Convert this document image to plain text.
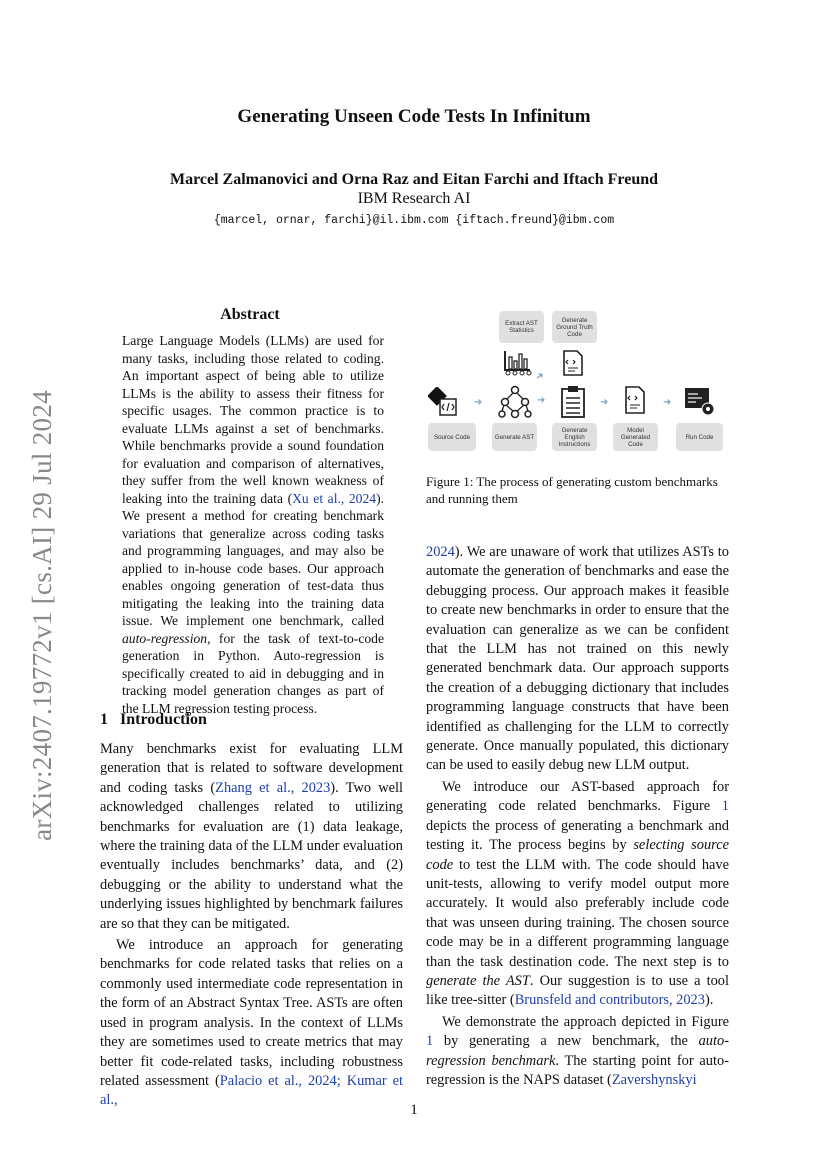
arXiv:2407.19772v1 [cs.AI] 29 Jul 2024
Generating Unseen Code Tests In Infinitum
Marcel Zalmanovici and Orna Raz and Eitan Farchi and Iftach Freund
IBM Research AI
{marcel, ornar, farchi}@il.ibm.com {iftach.freund}@ibm.com
Abstract
Large Language Models (LLMs) are used for many tasks, including those related to coding. An important aspect of being able to utilize LLMs is the ability to assess their fitness for specific usages. The common practice is to evaluate LLMs against a set of benchmarks. While benchmarks provide a sound foundation for evaluation and comparison of alternatives, they suffer from the well known weakness of leaking into the training data (Xu et al., 2024). We present a method for creating benchmark variations that generalize across coding tasks and programming languages, and may also be applied to in-house code bases. Our approach enables ongoing generation of test-data thus mitigating the leaking into the training data issue. We implement one benchmark, called auto-regression, for the task of text-to-code generation in Python. Auto-regression is specifically created to aid in debugging and in tracking model generation changes as part of the LLM regression testing process.
1 Introduction

Many benchmarks exist for evaluating LLM generation that is related to software development and coding tasks (Zhang et al., 2023). Two well acknowledged challenges related to utilizing benchmarks for evaluation are (1) data leakage, where the training data of the LLM under evaluation eventually includes benchmarks’ data, and (2) debugging or the ability to understand what the underlying issues highlighted by benchmark failures are so that they can be mitigated.

We introduce an approach for generating benchmarks for code related tasks that relies on a commonly used intermediate code representation in the form of an Abstract Syntax Tree. ASTs are often used in program analysis. In the context of LLMs they are sometimes used to create metrics that may better fit code-related tasks, including robustness related assessment (Palacio et al., 2024; Kumar et al.,

Extract AST Statistics
Generate Ground Truth Code
➜	➜
➜
➜	➜
Source Code	Generate AST
Generate English Instructions
Model Generated Code
Run Code
Figure 1: The process of generating custom benchmarks and running them

2024). We are unaware of work that utilizes ASTs to automate the generation of benchmarks and ease the debugging process. Our approach makes it feasible to create new benchmarks in order to ensure that the evaluation can generalize as we can be confident that the LLM has not trained on this newly generated benchmark data. Our approach supports the creation of a debugging dictionary that includes programming language constructs that have been identified as challenging for the LLM to correctly generate. Once manually populated, this dictionary can be used to easily debug new LLM output.

We introduce our AST-based approach for generating code related benchmarks. Figure 1 depicts the process of generating a benchmark and testing it. The process begins by selecting source code to test the LLM with. The code should have unit-tests, allowing to verify model output more accurately. It would also preferably include code that was unseen during training. The chosen source code may be in a different programming language than the task destination code. The next step is to generate the AST. Our suggestion is to use a tool like tree-sitter (Brunsfeld and contributors, 2023).

We demonstrate the approach depicted in Figure 1 by generating a new benchmark, the auto-regression benchmark. The starting point for auto-regression is the NAPS dataset (Zavershynskyi

1
